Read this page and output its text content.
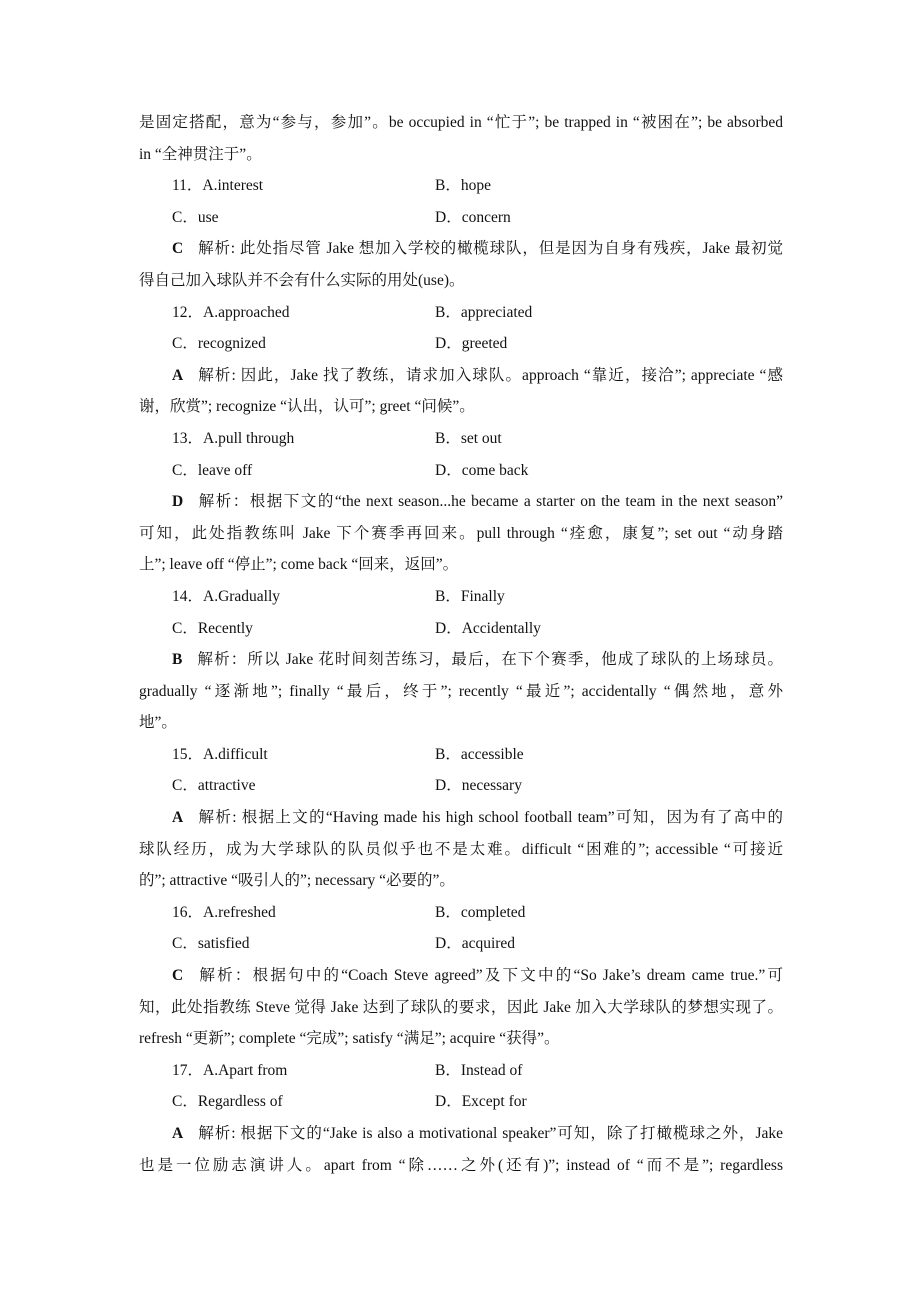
是固定搭配，意为“参与，参加”。be occupied in “忙于”; be trapped in “被困在”; be absorbed
in “全神贯注于”。
11．A.interest	B．hope
C．use	D．concern
C 解析: 此处指尽管 Jake 想加入学校的橄榄球队，但是因为自身有残疾，Jake 最初觉
得自己加入球队并不会有什么实际的用处(use)。
12．A.approached	B．appreciated
C．recognized	D．greeted
A 解析: 因此，Jake 找了教练，请求加入球队。approach “靠近，接洽”; appreciate “感
谢，欣赏”; recognize “认出，认可”; greet “问候”。
13．A.pull through	B．set out
C．leave off	D．come back
D 解析：根据下文的“the next season...he became a starter on the team in the next season”
可知，此处指教练叫 Jake 下个赛季再回来。pull through “痊愈，康复”; set out “动身踏
上”; leave off “停止”; come back “回来，返回”。
14．A.Gradually	B．Finally
C．Recently	D．Accidentally
B 解析：所以 Jake 花时间刻苦练习，最后，在下个赛季，他成了球队的上场球员。
gradually “逐渐地”; finally “最后，终于”; recently “最近”; accidentally “偶然地，意外
地”。
15．A.difficult	B．accessible
C．attractive	D．necessary
A 解析: 根据上文的“Having made his high school football team”可知，因为有了高中的
球队经历，成为大学球队的队员似乎也不是太难。difficult “困难的”; accessible “可接近
的”; attractive “吸引人的”; necessary “必要的”。
16．A.refreshed	B．completed
C．satisfied	D．acquired
C 解析：根据句中的“Coach Steve agreed”及下文中的“So Jake’s dream came true.”可
知，此处指教练 Steve 觉得 Jake 达到了球队的要求，因此 Jake 加入大学球队的梦想实现了。
refresh “更新”; complete “完成”; satisfy “满足”; acquire “获得”。
17．A.Apart from	B．Instead of
C．Regardless of	D．Except for
A 解析: 根据下文的“Jake is also a motivational speaker”可知，除了打橄榄球之外，Jake
也是一位励志演讲人。apart from “除……之外(还有)”; instead of “而不是”; regardless
